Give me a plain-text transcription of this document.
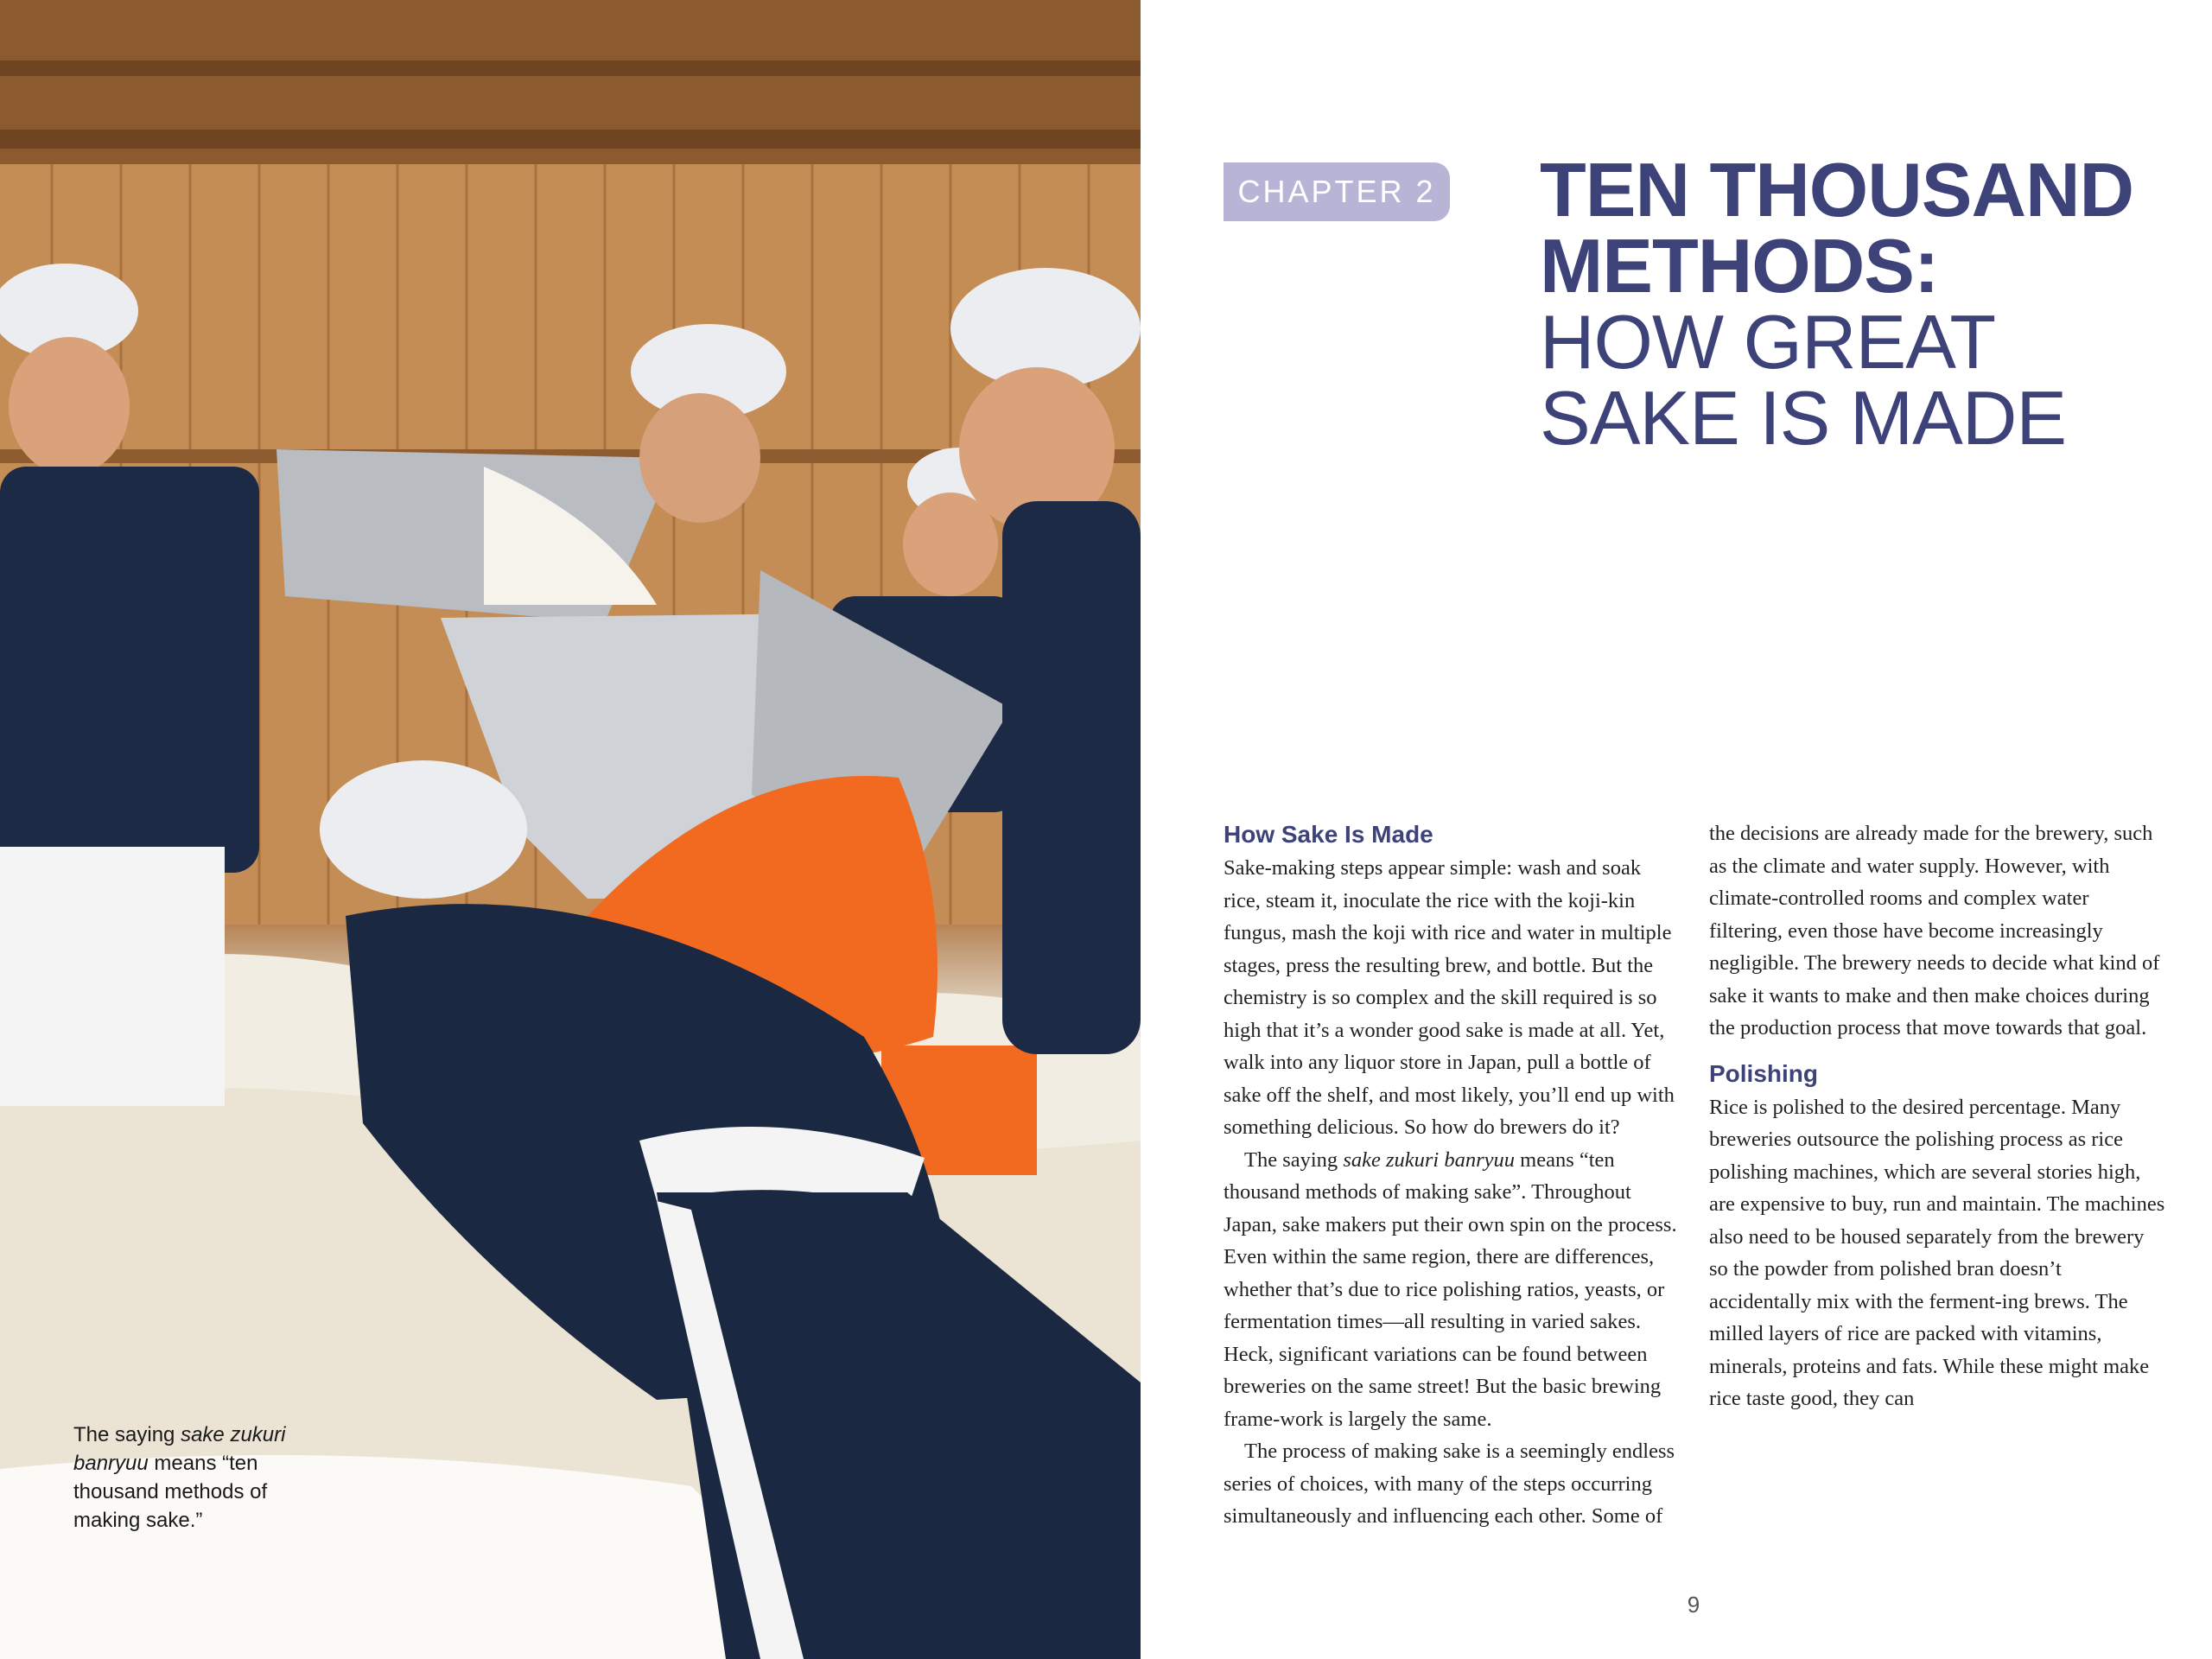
The saying sake zukuri banryuu means “ten thousand methods of making sake.”
CHAPTER 2 TEN THOUSAND
METHODS:
HOW GREAT
SAKE IS MADE
How Sake Is Made

Sake-making steps appear simple: wash and soak rice, steam it, inoculate the rice with the koji-kin fungus, mash the koji with rice and water in multiple stages, press the resulting brew, and bottle. But the chemistry is so complex and the skill required is so high that it’s a wonder good sake is made at all. Yet, walk into any liquor store in Japan, pull a bottle of sake off the shelf, and most likely, you’ll end up with something delicious. So how do brewers do it?

The saying sake zukuri banryuu means “ten thousand methods of making sake”. Throughout Japan, sake makers put their own spin on the process. Even within the same region, there are differences, whether that’s due to rice polishing ratios, yeasts, or fermentation times—all resulting in varied sakes. Heck, significant variations can be found between breweries on the same street! But the basic brewing frame-work is largely the same.

The process of making sake is a seemingly endless series of choices, with many of the steps occurring simultaneously and influencing each other. Some of

the decisions are already made for the brewery, such as the climate and water supply. However, with climate-controlled rooms and complex water filtering, even those have become increasingly negligible. The brewery needs to decide what kind of sake it wants to make and then make choices during the production process that move towards that goal.

Polishing

Rice is polished to the desired percentage. Many breweries outsource the polishing process as rice polishing machines, which are several stories high, are expensive to buy, run and maintain. The machines also need to be housed separately from the brewery so the powder from polished bran doesn’t accidentally mix with the ferment-ing brews. The milled layers of rice are packed with vitamins, minerals, proteins and fats. While these might make rice taste good, they can

9
